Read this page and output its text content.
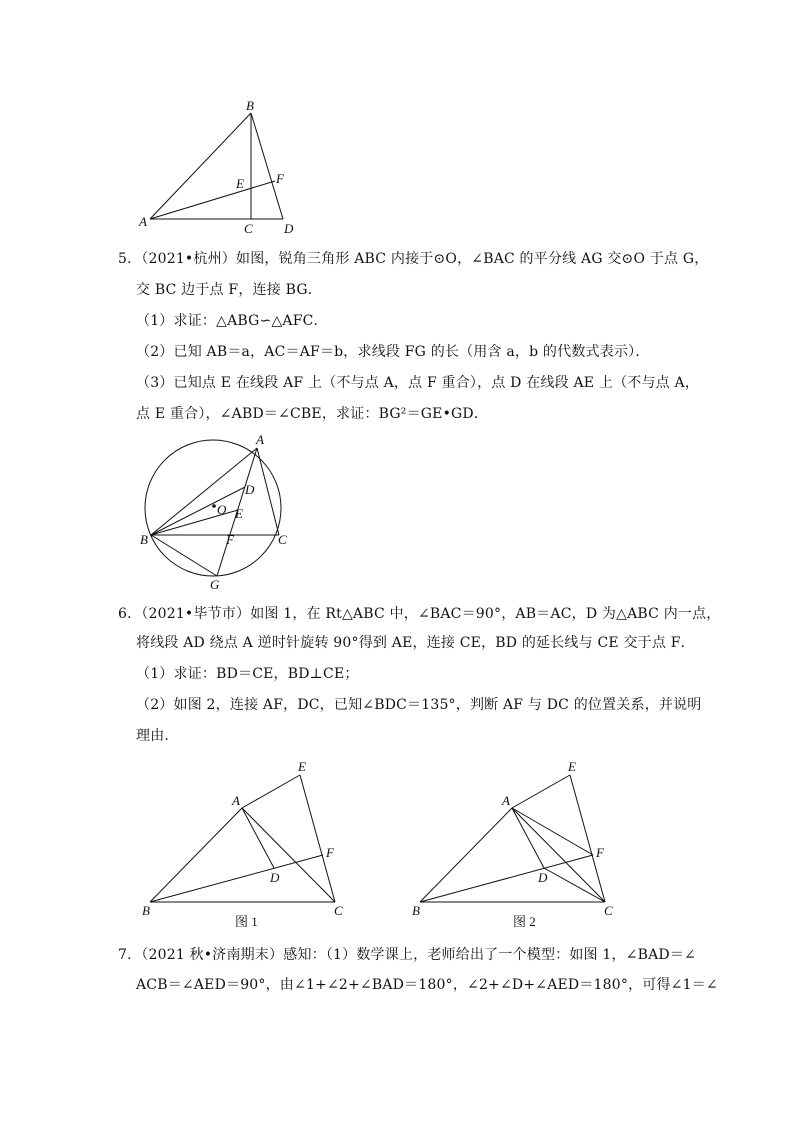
B
E F
A	C D
5．（2021•杭州）如图，锐角三角形 ABC 内接于⊙O，∠BAC 的平分线 AG 交⊙O 于点 G，
交 BC 边于点 F，连接 BG．
（1）求证：△ABG∽△AFC．
（2）已知 AB＝a，AC＝AF＝b，求线段 FG 的长（用含 a，b 的代数式表示）．
（3）已知点 E 在线段 AF 上（不与点 A，点 F 重合），点 D 在线段 AE 上（不与点 A，
点 E 重合），∠ABD＝∠CBE，求证：BG²＝GE•GD．
A
D
O E
B	F	C
G
6．（2021•毕节市）如图 1，在 Rt△ABC 中，∠BAC＝90°，AB＝AC，D 为△ABC 内一点，
将线段 AD 绕点 A 逆时针旋转 90°得到 AE，连接 CE，BD 的延长线与 CE 交于点 F．
（1）求证：BD＝CE，BD⊥CE；
（2）如图 2，连接 AF，DC，已知∠BDC＝135°，判断 AF 与 DC 的位置关系，并说明
理由．
E
A
F
D
B	C
图 1
E
A
F
D
B	C
图 2
7．（2021 秋•济南期末）感知：（1）数学课上，老师给出了一个模型：如图 1，∠BAD＝∠
ACB＝∠AED＝90°，由∠1+∠2+∠BAD＝180°，∠2+∠D+∠AED＝180°，可得∠1＝∠
